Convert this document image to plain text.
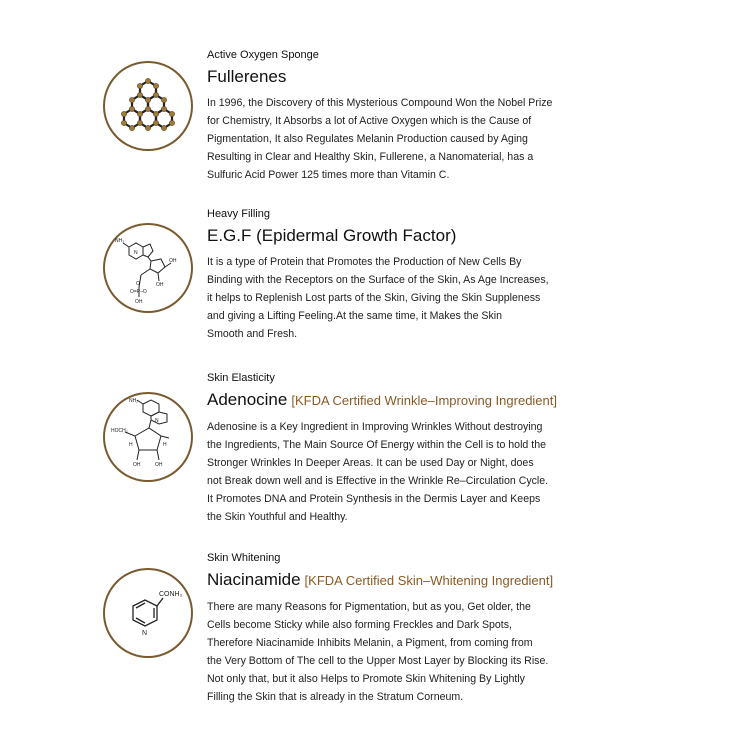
Active Oxygen Sponge

Fullerenes

In 1996, the Discovery of this Mysterious Compound Won the Nobel Prize
for Chemistry, It Absorbs a lot of Active Oxygen which is the Cause of
Pigmentation, It also Regulates Melanin Production caused by Aging
Resulting in Clear and Healthy Skin, Fullerene, a Nanomaterial, has a
Sulfuric Acid Power 125 times more than Vitamin C.

NH₂
N
OH
OH
O
O=P–O
OH

Heavy Filling

E.G.F (Epidermal Growth Factor)

It is a type of Protein that Promotes the Production of New Cells By
Binding with the Receptors on the Surface of the Skin, As Age Increases,
it helps to Replenish Lost parts of the Skin, Giving the Skin Suppleness
and giving a Lifting Feeling.At the same time, it Makes the Skin
Smooth and Fresh.

HOCH₂
H	H
OH	OH
N
NH₂

Skin Elasticity

Adenocine [KFDA Certified Wrinkle–Improving Ingredient]

Adenosine is a Key Ingredient in Improving Wrinkles Without destroying
the Ingredients, The Main Source Of Energy within the Cell is to hold the
Stronger Wrinkles In Deeper Areas. It can be used Day or Night, does
not Break down well and is Effective in the Wrinkle Re–Circulation Cycle.
It Promotes DNA and Protein Synthesis in the Dermis Layer and Keeps
the Skin Youthful and Healthy.

CONH₂
N

Skin Whitening

Niacinamide [KFDA Certified Skin–Whitening Ingredient]

There are many Reasons for Pigmentation, but as you, Get older, the
Cells become Sticky while also forming Freckles and Dark Spots,
Therefore Niacinamide Inhibits Melanin, a Pigment, from coming from
the Very Bottom of The cell to the Upper Most Layer by Blocking its Rise.
Not only that, but it also Helps to Promote Skin Whitening By Lightly
Filling the Skin that is already in the Stratum Corneum.
